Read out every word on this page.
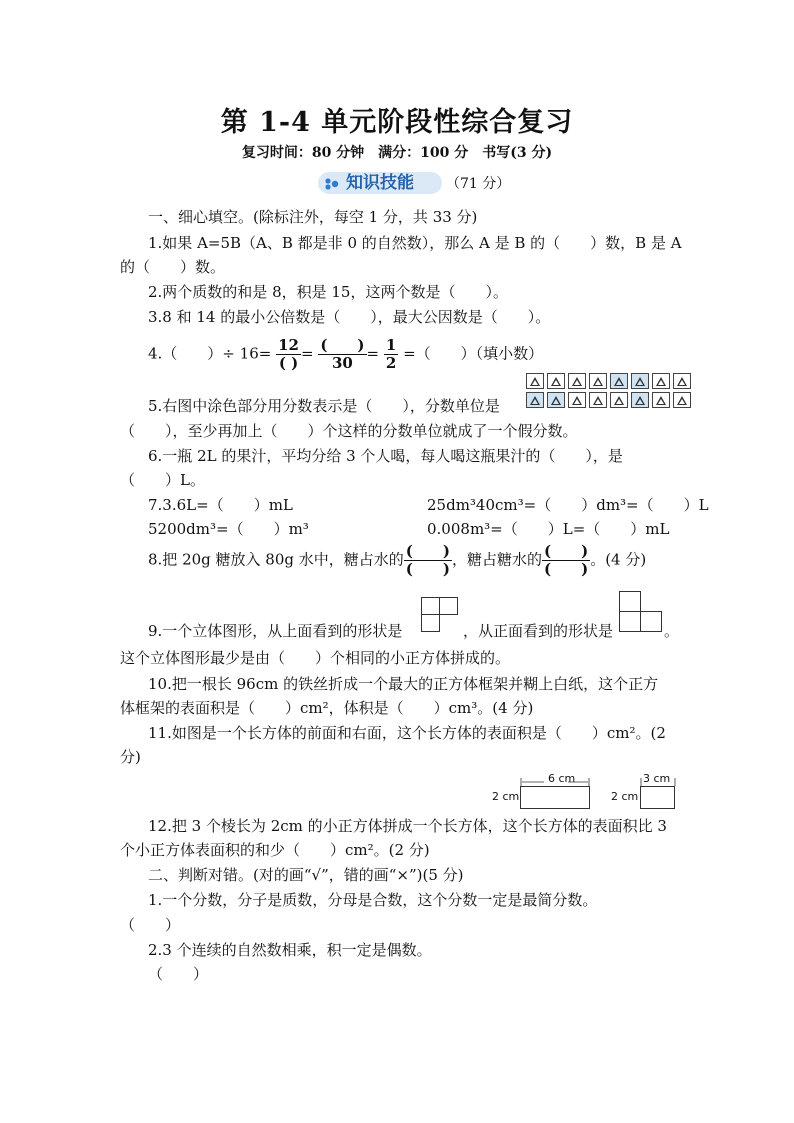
第 1-4 单元阶段性综合复习
复习时间：80 分钟　满分：100 分　书写(3 分)
知识技能 （71 分）
一、细心填空。(除标注外，每空 1 分，共 33 分)
1.如果 A=5B（A、B 都是非 0 的自然数），那么 A 是 B 的（　　）数，B 是 A
的（　　）数。
2.两个质数的和是 8，积是 15，这两个数是（　　）。
3.8 和 14 的最小公倍数是（　　），最大公因数是（　　）。
4.（　　）÷ $16= \frac{12}{( )} = \frac{( )}{30} = \frac{1}{2}$ =（　　）（填小数）
5.右图中涂色部分用分数表示是（　　），分数单位是
（　　），至少再加上（　　）个这样的分数单位就成了一个假分数。
6.一瓶 2L 的果汁，平均分给 3 个人喝，每人喝这瓶果汁的（　　），是
（　　）L。
7.3.6L=（　　）mL	25dm³40cm³=（　　）dm³=（　　）L
5200dm³=（　　）m³	0.008m³=（　　）L=（　　）mL
8.把 20g 糖放入 80g 水中，糖占水的 $\frac{( )}{( )}$ ，糖占糖水的 $\frac{( )}{( )}$ 。(4 分)
9.一个立体图形，从上面看到的形状是	，从正面看到的形状是	。
这个立体图形最少是由（　　）个相同的小正方体拼成的。
10.把一根长 96cm 的铁丝折成一个最大的正方体框架并糊上白纸，这个正方
体框架的表面积是（　　）cm²，体积是（　　）cm³。(4 分)
11.如图是一个长方体的前面和右面，这个长方体的表面积是（　　）cm²。(2
分)
6 cm
2 cm
3 cm
2 cm
12.把 3 个棱长为 2cm 的小正方体拼成一个长方体，这个长方体的表面积比 3
个小正方体表面积的和少（　　）cm²。(2 分)
二、判断对错。(对的画“√”，错的画“×”)(5 分)
1.一个分数，分子是质数，分母是合数，这个分数一定是最简分数。
（　　）
2.3 个连续的自然数相乘，积一定是偶数。
（　　）
